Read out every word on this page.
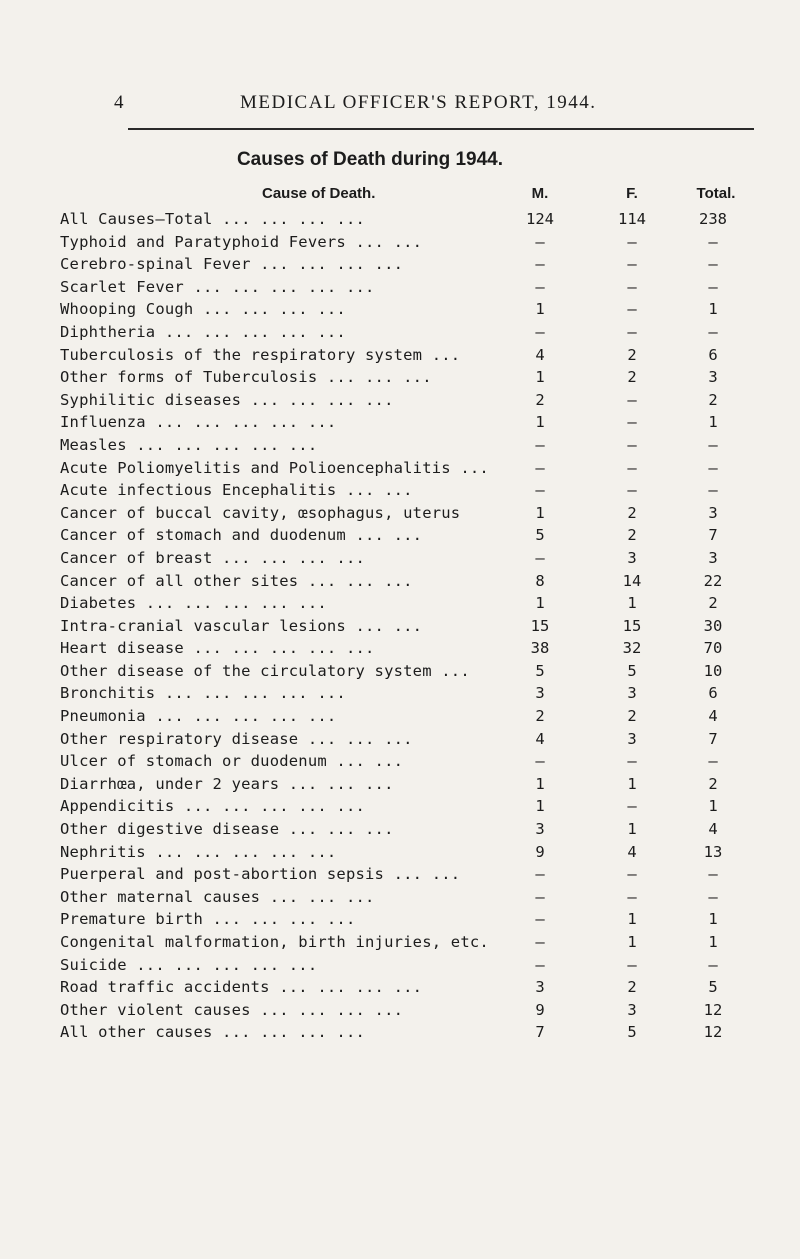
4	MEDICAL OFFICER'S REPORT, 1944.
Causes of Death during 1944.
Cause of Death.	M.	F.	Total.
All Causes—Total ... ... ... ...	124	114	238
Typhoid and Paratyphoid Fevers ... ...	—	—	—
Cerebro-spinal Fever ... ... ... ...	—	—	—
Scarlet Fever ... ... ... ... ...	—	—	—
Whooping Cough ... ... ... ...	1	—	1
Diphtheria ... ... ... ... ...	—	—	—
Tuberculosis of the respiratory system ...	4	2	6
Other forms of Tuberculosis ... ... ...	1	2	3
Syphilitic diseases ... ... ... ...	2	—	2
Influenza ... ... ... ... ...	1	—	1
Measles ... ... ... ... ...	—	—	—
Acute Poliomyelitis and Polioencephalitis ...	—	—	—
Acute infectious Encephalitis ... ...	—	—	—
Cancer of buccal cavity, œsophagus, uterus	1	2	3
Cancer of stomach and duodenum ... ...	5	2	7
Cancer of breast ... ... ... ...	—	3	3
Cancer of all other sites ... ... ...	8	14	22
Diabetes ... ... ... ... ...	1	1	2
Intra-cranial vascular lesions ... ...	15	15	30
Heart disease ... ... ... ... ...	38	32	70
Other disease of the circulatory system ...	5	5	10
Bronchitis ... ... ... ... ...	3	3	6
Pneumonia ... ... ... ... ...	2	2	4
Other respiratory disease ... ... ...	4	3	7
Ulcer of stomach or duodenum ... ...	—	—	—
Diarrhœa, under 2 years ... ... ...	1	1	2
Appendicitis ... ... ... ... ...	1	—	1
Other digestive disease ... ... ...	3	1	4
Nephritis ... ... ... ... ...	9	4	13
Puerperal and post-abortion sepsis ... ...	—	—	—
Other maternal causes ... ... ...	—	—	—
Premature birth ... ... ... ...	—	1	1
Congenital malformation, birth injuries, etc.	—	1	1
Suicide ... ... ... ... ...	—	—	—
Road traffic accidents ... ... ... ...	3	2	5
Other violent causes ... ... ... ...	9	3	12
All other causes ... ... ... ...	7	5	12
